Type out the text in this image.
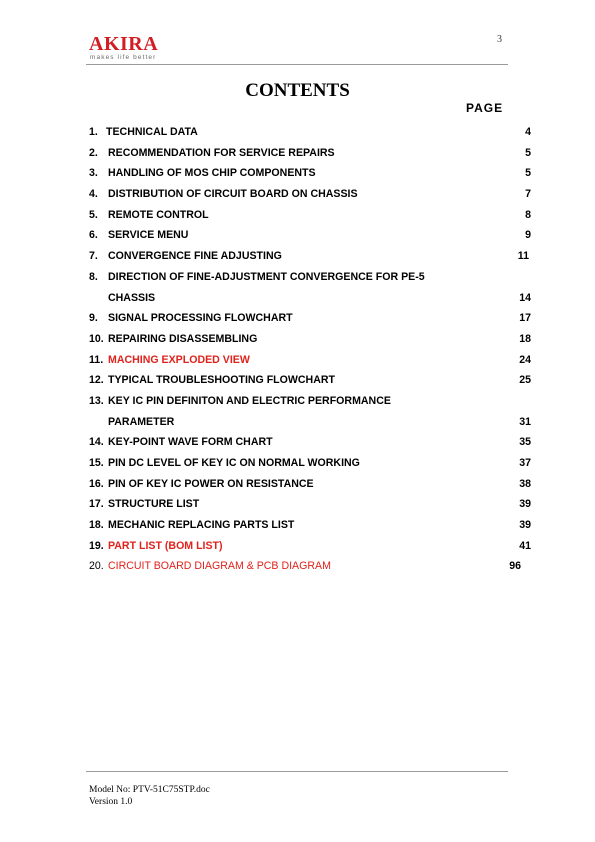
AKIRA
makes life better
3
CONTENTS
PAGE
1. TECHNICAL DATA	4
2. RECOMMENDATION FOR SERVICE REPAIRS	5
3. HANDLING OF MOS CHIP COMPONENTS	5
4. DISTRIBUTION OF CIRCUIT BOARD ON CHASSIS	7
5. REMOTE CONTROL	8
6. SERVICE MENU	9
7. CONVERGENCE FINE ADJUSTING	11
8. DIRECTION OF FINE-ADJUSTMENT CONVERGENCE FOR PE-5
CHASSIS	14
9. SIGNAL PROCESSING FLOWCHART	17
10. REPAIRING DISASSEMBLING	18
11. MACHING EXPLODED VIEW	24
12. TYPICAL TROUBLESHOOTING FLOWCHART	25
13. KEY IC PIN DEFINITON AND ELECTRIC PERFORMANCE
PARAMETER	31
14. KEY-POINT WAVE FORM CHART	35
15. PIN DC LEVEL OF KEY IC ON NORMAL WORKING	37
16. PIN OF KEY IC POWER ON RESISTANCE	38
17. STRUCTURE LIST	39
18. MECHANIC REPLACING PARTS LIST	39
19. PART LIST (BOM LIST)	41
20. CIRCUIT BOARD DIAGRAM & PCB DIAGRAM	96
Model No: PTV-51C75STP.doc
Version 1.0
